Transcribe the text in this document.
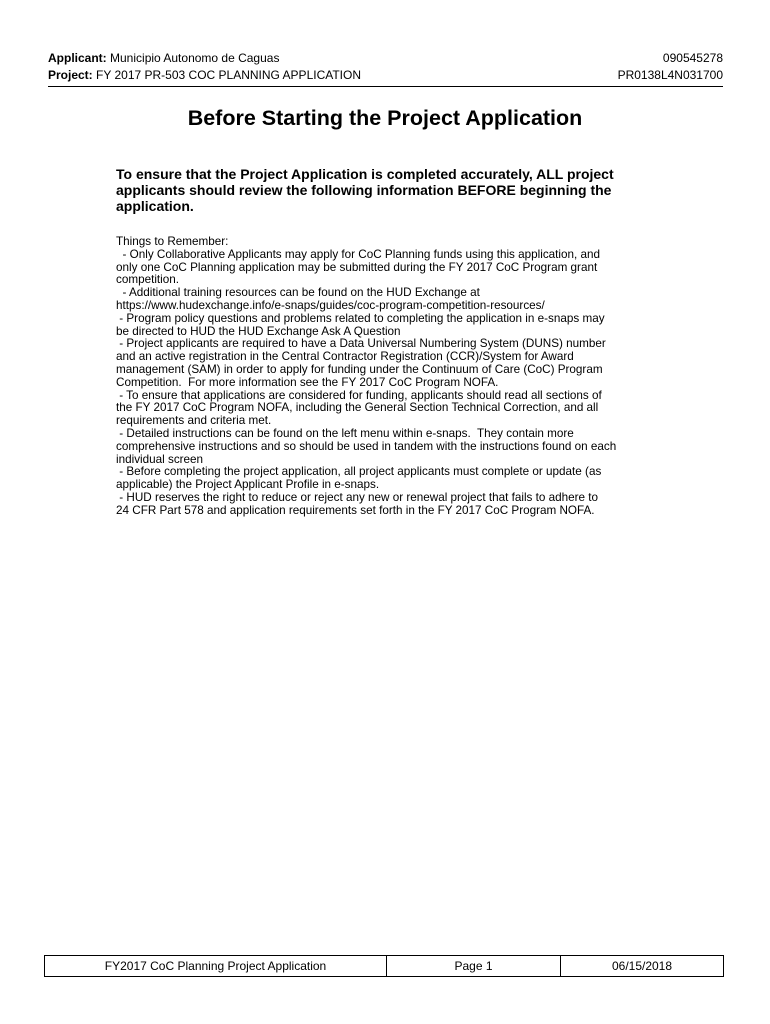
Applicant: Municipio Autonomo de Caguas	090545278
Project: FY 2017 PR-503 COC PLANNING APPLICATION	PR0138L4N031700
Before Starting the Project Application
To ensure that the Project Application is completed accurately, ALL project applicants should review the following information BEFORE beginning the application.
Things to Remember:
- Only Collaborative Applicants may apply for CoC Planning funds using this application, and
only one CoC Planning application may be submitted during the FY 2017 CoC Program grant
competition.
- Additional training resources can be found on the HUD Exchange at
https://www.hudexchange.info/e-snaps/guides/coc-program-competition-resources/
- Program policy questions and problems related to completing the application in e-snaps may
be directed to HUD the HUD Exchange Ask A Question
- Project applicants are required to have a Data Universal Numbering System (DUNS) number
and an active registration in the Central Contractor Registration (CCR)/System for Award
management (SAM) in order to apply for funding under the Continuum of Care (CoC) Program
Competition.  For more information see the FY 2017 CoC Program NOFA.
- To ensure that applications are considered for funding, applicants should read all sections of
the FY 2017 CoC Program NOFA, including the General Section Technical Correction, and all
requirements and criteria met.
- Detailed instructions can be found on the left menu within e-snaps.  They contain more
comprehensive instructions and so should be used in tandem with the instructions found on each
individual screen
- Before completing the project application, all project applicants must complete or update (as
applicable) the Project Applicant Profile in e-snaps.
- HUD reserves the right to reduce or reject any new or renewal project that fails to adhere to
24 CFR Part 578 and application requirements set forth in the FY 2017 CoC Program NOFA.
FY2017 CoC Planning Project Application	Page 1	06/15/2018
